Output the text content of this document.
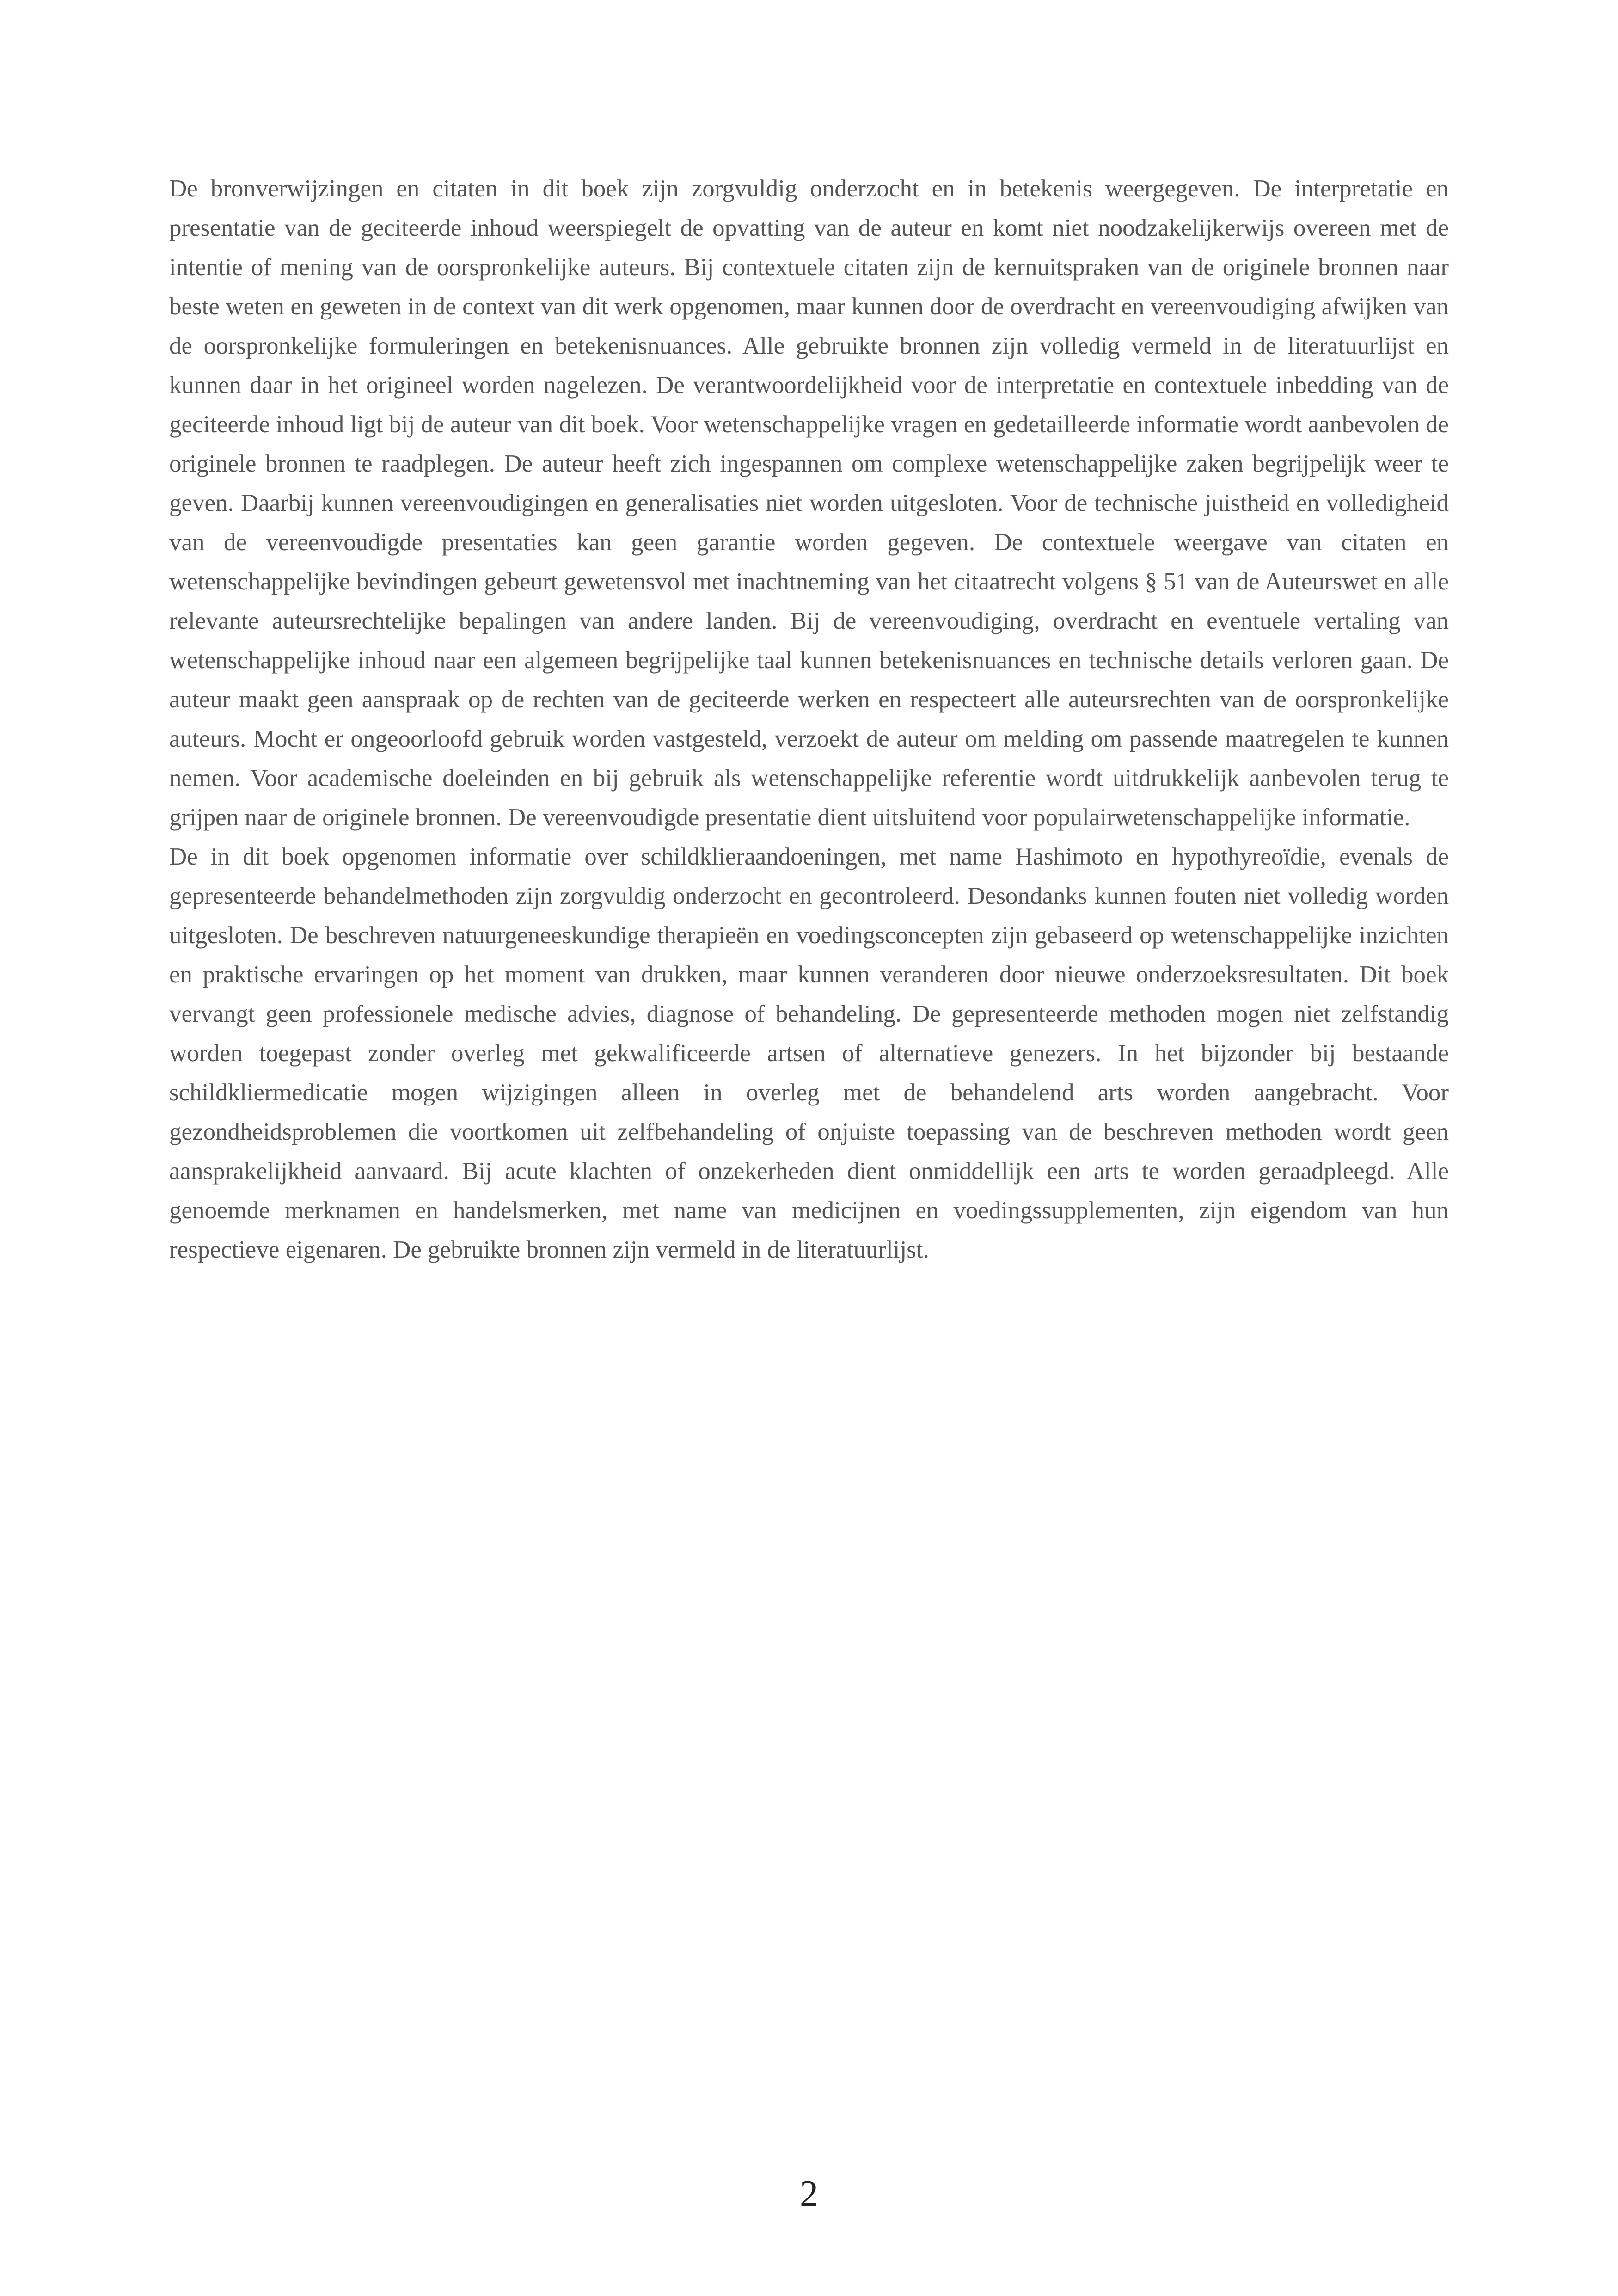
De bronverwijzingen en citaten in dit boek zijn zorgvuldig onderzocht en in betekenis weergegeven. De interpretatie en presentatie van de geciteerde inhoud weerspiegelt de opvatting van de auteur en komt niet noodzakelijkerwijs overeen met de intentie of mening van de oorspronkelijke auteurs. Bij contextuele citaten zijn de kernuitspraken van de originele bronnen naar beste weten en geweten in de context van dit werk opgenomen, maar kunnen door de overdracht en vereenvoudiging afwijken van de oorspronkelijke formuleringen en betekenisnuances. Alle gebruikte bronnen zijn volledig vermeld in de literatuurlijst en kunnen daar in het origineel worden nagelezen. De verantwoordelijkheid voor de interpretatie en contextuele inbedding van de geciteerde inhoud ligt bij de auteur van dit boek. Voor wetenschappelijke vragen en gedetailleerde informatie wordt aanbevolen de originele bronnen te raadplegen. De auteur heeft zich ingespannen om complexe wetenschappelijke zaken begrijpelijk weer te geven. Daarbij kunnen vereenvoudigingen en generalisaties niet worden uitgesloten. Voor de technische juistheid en volledigheid van de vereenvoudigde presentaties kan geen garantie worden gegeven. De contextuele weergave van citaten en wetenschappelijke bevindingen gebeurt gewetensvol met inachtneming van het citaatrecht volgens § 51 van de Auteurswet en alle relevante auteursrechtelijke bepalingen van andere landen. Bij de vereenvoudiging, overdracht en eventuele vertaling van wetenschappelijke inhoud naar een algemeen begrijpelijke taal kunnen betekenisnuances en technische details verloren gaan. De auteur maakt geen aanspraak op de rechten van de geciteerde werken en respecteert alle auteursrechten van de oorspronkelijke auteurs. Mocht er ongeoorloofd gebruik worden vastgesteld, verzoekt de auteur om melding om passende maatregelen te kunnen nemen. Voor academische doeleinden en bij gebruik als wetenschappelijke referentie wordt uitdrukkelijk aanbevolen terug te grijpen naar de originele bronnen. De vereenvoudigde presentatie dient uitsluitend voor populairwetenschappelijke informatie.

De in dit boek opgenomen informatie over schildklieraandoeningen, met name Hashimoto en hypothyreoïdie, evenals de gepresenteerde behandelmethoden zijn zorgvuldig onderzocht en gecontroleerd. Desondanks kunnen fouten niet volledig worden uitgesloten. De beschreven natuurgeneeskundige therapieën en voedingsconcepten zijn gebaseerd op wetenschappelijke inzichten en praktische ervaringen op het moment van drukken, maar kunnen veranderen door nieuwe onderzoeksresultaten. Dit boek vervangt geen professionele medische advies, diagnose of behandeling. De gepresenteerde methoden mogen niet zelfstandig worden toegepast zonder overleg met gekwalificeerde artsen of alternatieve genezers. In het bijzonder bij bestaande schildkliermedicatie mogen wijzigingen alleen in overleg met de behandelend arts worden aangebracht. Voor gezondheidsproblemen die voortkomen uit zelfbehandeling of onjuiste toepassing van de beschreven methoden wordt geen aansprakelijkheid aanvaard. Bij acute klachten of onzekerheden dient onmiddellijk een arts te worden geraadpleegd. Alle genoemde merknamen en handelsmerken, met name van medicijnen en voedingssupplementen, zijn eigendom van hun respectieve eigenaren. De gebruikte bronnen zijn vermeld in de literatuurlijst.

2
